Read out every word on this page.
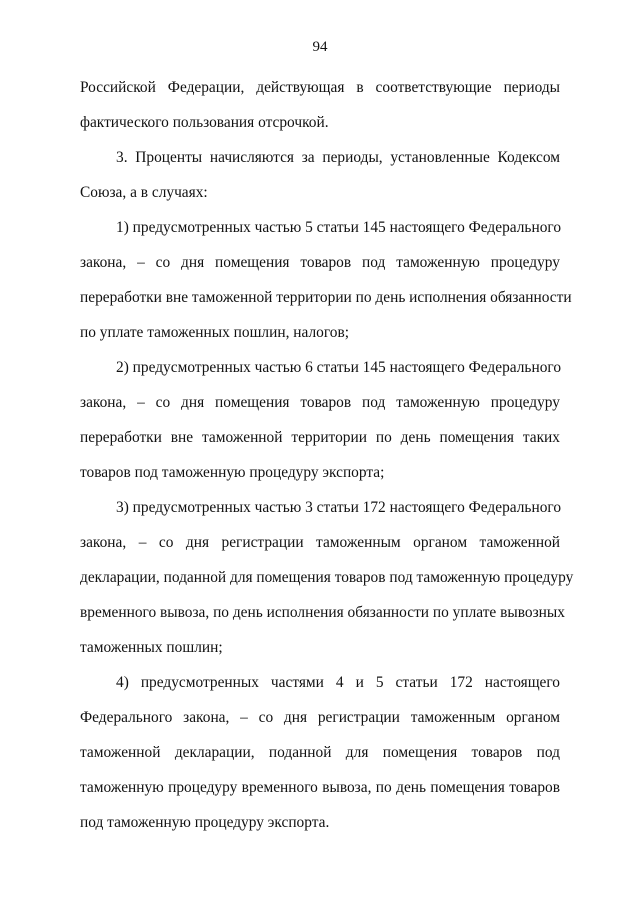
94

Российской Федерации, действующая в соответствующие периоды
фактического пользования отсрочкой.

3. Проценты начисляются за периоды, установленные Кодексом
Союза, а в случаях:

1) предусмотренных частью 5 статьи 145 настоящего Федерального
закона, – со дня помещения товаров под таможенную процедуру
переработки вне таможенной территории по день исполнения обязанности
по уплате таможенных пошлин, налогов;

2) предусмотренных частью 6 статьи 145 настоящего Федерального
закона, – со дня помещения товаров под таможенную процедуру
переработки вне таможенной территории по день помещения таких
товаров под таможенную процедуру экспорта;

3) предусмотренных частью 3 статьи 172 настоящего Федерального
закона, – со дня регистрации таможенным органом таможенной
декларации, поданной для помещения товаров под таможенную процедуру
временного вывоза, по день исполнения обязанности по уплате вывозных
таможенных пошлин;

4) предусмотренных частями 4 и 5 статьи 172 настоящего
Федерального закона, – со дня регистрации таможенным органом
таможенной декларации, поданной для помещения товаров под
таможенную процедуру временного вывоза, по день помещения товаров
под таможенную процедуру экспорта.
